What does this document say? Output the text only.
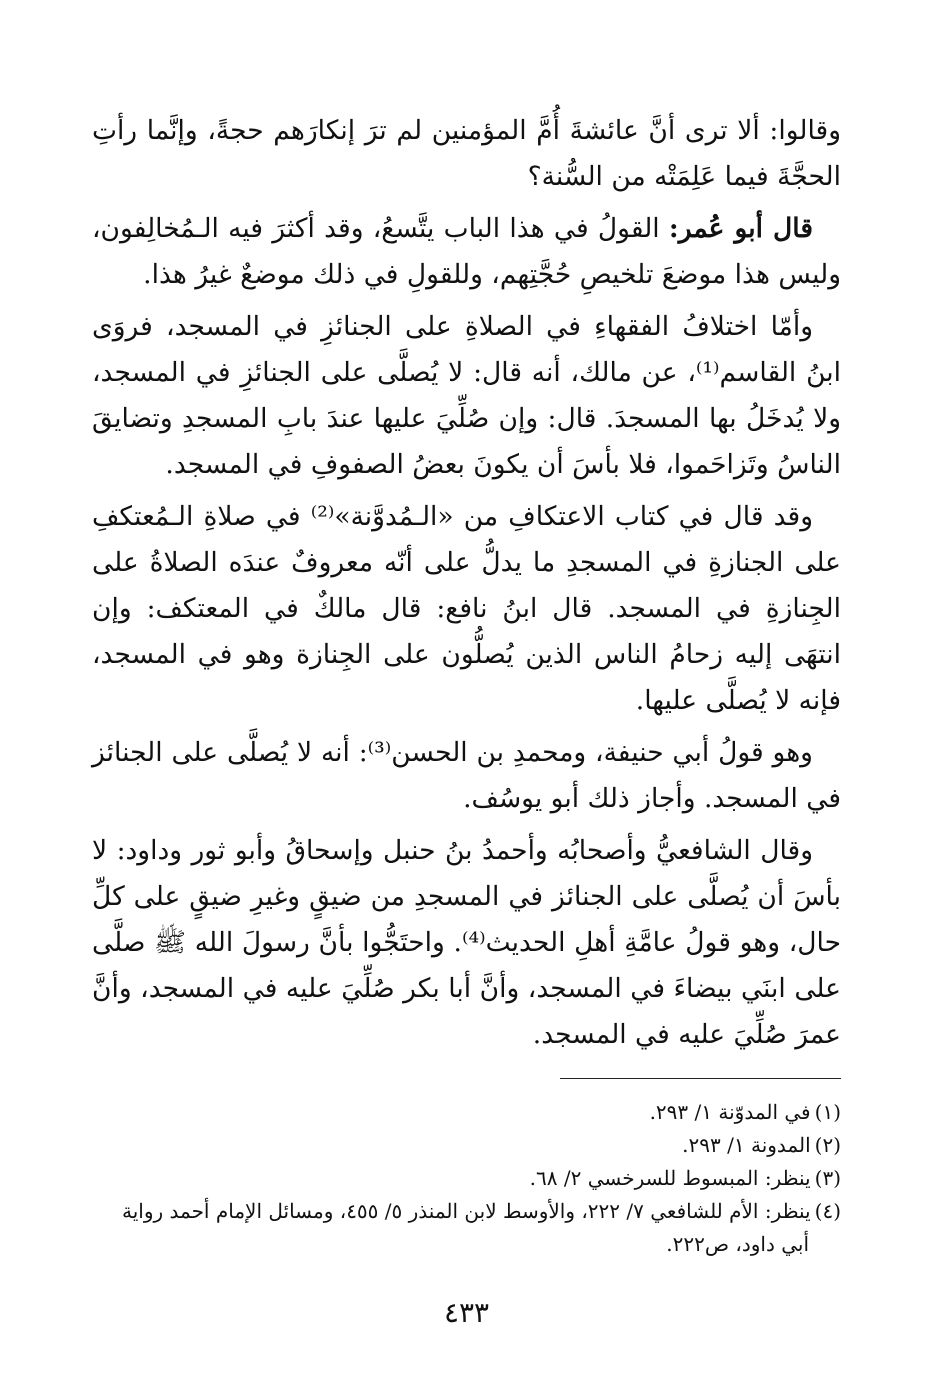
وقالوا: ألا ترى أنَّ عائشةَ أُمَّ المؤمنين لم ترَ إنكارَهم حجةً، وإنَّما رأتِ الحجَّةَ فيما عَلِمَتْه من السُّنة؟

قال أبو عُمر: القولُ في هذا الباب يتَّسعُ، وقد أكثرَ فيه الـمُخالِفون، وليس هذا موضعَ تلخيصِ حُجَّتِهم، وللقولِ في ذلك موضعٌ غيرُ هذا.

وأمّا اختلافُ الفقهاءِ في الصلاةِ على الجنائزِ في المسجد، فروَى ابنُ القاسم⁽¹⁾، عن مالك، أنه قال: لا يُصلَّى على الجنائزِ في المسجد، ولا يُدخَلُ بها المسجدَ. قال: وإن صُلِّيَ عليها عندَ بابِ المسجدِ وتضايقَ الناسُ وتَزاحَموا، فلا بأسَ أن يكونَ بعضُ الصفوفِ في المسجد.

وقد قال في كتاب الاعتكافِ من «الـمُدوَّنة»⁽²⁾ في صلاةِ الـمُعتكفِ على الجنازةِ في المسجدِ ما يدلُّ على أنّه معروفٌ عندَه الصلاةُ على الجِنازةِ في المسجد. قال ابنُ نافع: قال مالكٌ في المعتكف: وإن انتهَى إليه زحامُ الناس الذين يُصلُّون على الجِنازة وهو في المسجد، فإنه لا يُصلَّى عليها.

وهو قولُ أبي حنيفة، ومحمدِ بن الحسن⁽³⁾: أنه لا يُصلَّى على الجنائز في المسجد. وأجاز ذلك أبو يوسُف.

وقال الشافعيُّ وأصحابُه وأحمدُ بنُ حنبل وإسحاقُ وأبو ثور وداود: لا بأسَ أن يُصلَّى على الجنائز في المسجدِ من ضيقٍ وغيرِ ضيقٍ على كلِّ حال، وهو قولُ عامَّةِ أهلِ الحديث⁽⁴⁾. واحتَجُّوا بأنَّ رسولَ الله ﷺ صلَّى على ابنَي بيضاءَ في المسجد، وأنَّ أبا بكر صُلِّيَ عليه في المسجد، وأنَّ عمرَ صُلِّيَ عليه في المسجد.

(١)في المدوّنة ١/ ٢٩٣.

(٢)المدونة ١/ ٢٩٣.

(٣)ينظر: المبسوط للسرخسي ٢/ ٦٨.

(٤)ينظر: الأم للشافعي ٧/ ٢٢٢، والأوسط لابن المنذر ٥/ ٤٥٥، ومسائل الإمام أحمد رواية

أبي داود، ص٢٢٢.

٤٣٣
